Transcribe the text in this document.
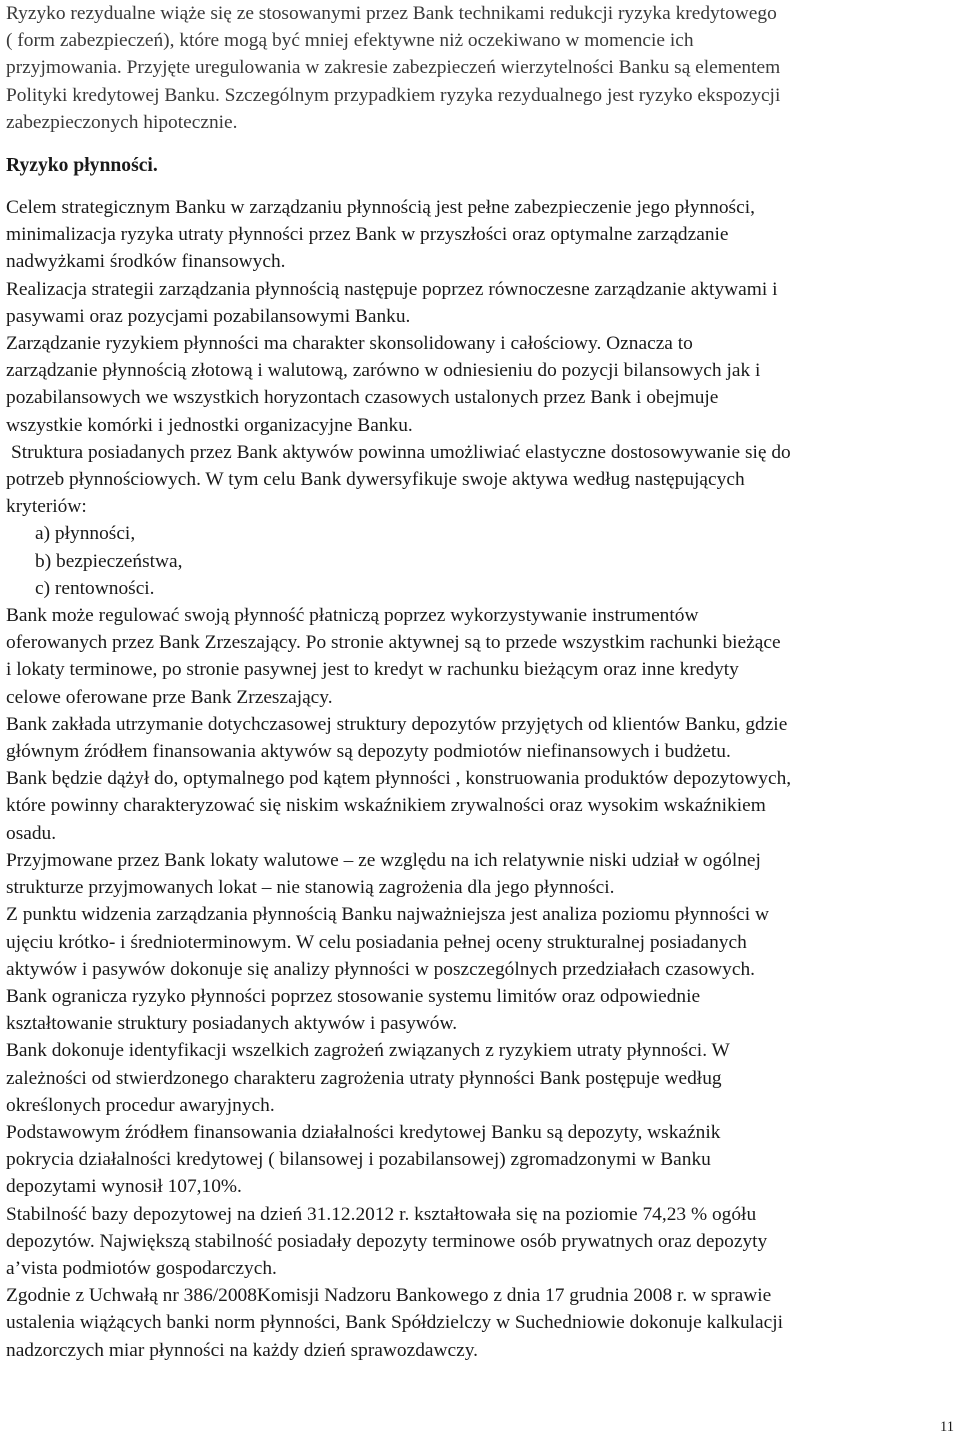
Ryzyko rezydualne wiąże się ze stosowanymi przez Bank technikami redukcji ryzyka kredytowego
( form zabezpieczeń), które mogą być mniej efektywne niż oczekiwano w momencie ich
przyjmowania. Przyjęte uregulowania w zakresie zabezpieczeń wierzytelności Banku są elementem
Polityki kredytowej Banku. Szczególnym przypadkiem ryzyka rezydualnego jest ryzyko ekspozycji
zabezpieczonych hipotecznie.

Ryzyko płynności.
Celem strategicznym Banku w zarządzaniu płynnością jest pełne zabezpieczenie jego płynności,
minimalizacja ryzyka utraty płynności przez Bank w przyszłości oraz optymalne zarządzanie
nadwyżkami środków finansowych.
Realizacja strategii zarządzania płynnością następuje poprzez równoczesne zarządzanie aktywami i
pasywami oraz pozycjami pozabilansowymi Banku.
Zarządzanie ryzykiem płynności ma charakter skonsolidowany i całościowy. Oznacza to
zarządzanie płynnością złotową i walutową, zarówno w odniesieniu do pozycji bilansowych jak i
pozabilansowych we wszystkich horyzontach czasowych ustalonych przez Bank i obejmuje
wszystkie komórki i jednostki organizacyjne Banku.
Struktura posiadanych przez Bank aktywów powinna umożliwiać elastyczne dostosowywanie się do
potrzeb płynnościowych. W tym celu Bank dywersyfikuje swoje aktywa według następujących
kryteriów:
a) płynności,
b) bezpieczeństwa,
c) rentowności.
Bank może regulować swoją płynność płatniczą poprzez wykorzystywanie instrumentów
oferowanych przez Bank Zrzeszający. Po stronie aktywnej są to przede wszystkim rachunki bieżące
i lokaty terminowe, po stronie pasywnej jest to kredyt w rachunku bieżącym oraz inne kredyty
celowe oferowane prze Bank Zrzeszający.
Bank zakłada utrzymanie dotychczasowej struktury depozytów przyjętych od klientów Banku, gdzie
głównym źródłem finansowania aktywów są depozyty podmiotów niefinansowych i budżetu.
Bank będzie dążył do, optymalnego pod kątem płynności , konstruowania produktów depozytowych,
które powinny charakteryzować się niskim wskaźnikiem zrywalności oraz wysokim wskaźnikiem
osadu.
Przyjmowane przez Bank lokaty walutowe – ze względu na ich relatywnie niski udział w ogólnej
strukturze przyjmowanych lokat – nie stanowią zagrożenia dla jego płynności.
Z punktu widzenia zarządzania płynnością Banku najważniejsza jest analiza poziomu płynności w
ujęciu krótko- i średnioterminowym. W celu posiadania pełnej oceny strukturalnej posiadanych
aktywów i pasywów dokonuje się analizy płynności w poszczególnych przedziałach czasowych.
Bank ogranicza ryzyko płynności poprzez stosowanie systemu limitów oraz odpowiednie
kształtowanie struktury posiadanych aktywów i pasywów.
Bank dokonuje identyfikacji wszelkich zagrożeń związanych z ryzykiem utraty płynności. W
zależności od stwierdzonego charakteru zagrożenia utraty płynności Bank postępuje według
określonych procedur awaryjnych.
Podstawowym źródłem finansowania działalności kredytowej Banku są depozyty, wskaźnik
pokrycia działalności kredytowej ( bilansowej i pozabilansowej) zgromadzonymi w Banku
depozytami wynosił 107,10%.
Stabilność bazy depozytowej na dzień 31.12.2012 r. kształtowała się na poziomie 74,23 % ogółu
depozytów. Największą stabilność posiadały depozyty terminowe osób prywatnych oraz depozyty
a’vista podmiotów gospodarczych.
Zgodnie z Uchwałą nr 386/2008Komisji Nadzoru Bankowego z dnia 17 grudnia 2008 r. w sprawie
ustalenia wiążących banki norm płynności, Bank Spółdzielczy w Suchedniowie dokonuje kalkulacji
nadzorczych miar płynności na każdy dzień sprawozdawczy.
11
